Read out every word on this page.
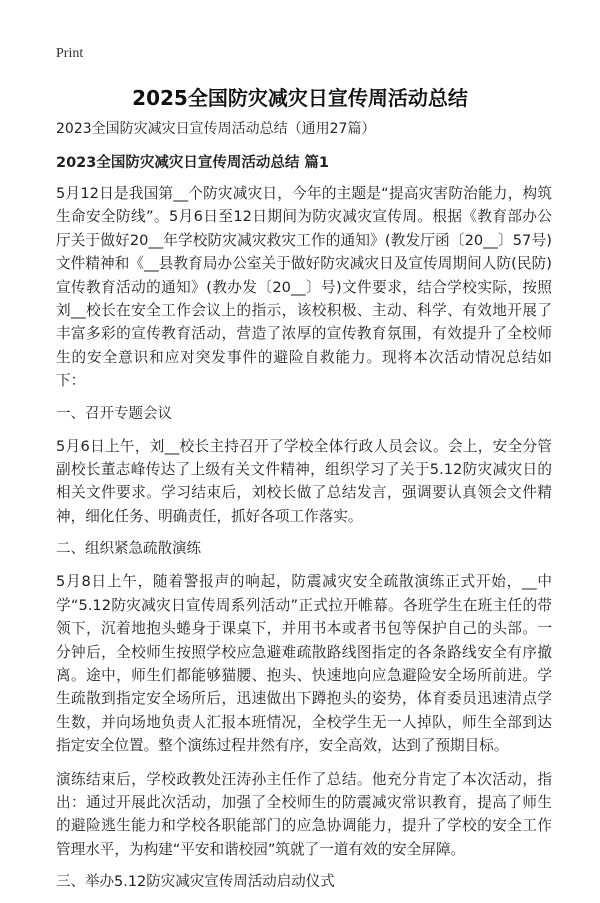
Print
2025全国防灾减灾日宣传周活动总结
2023全国防灾减灾日宣传周活动总结（通用27篇）
2023全国防灾减灾日宣传周活动总结 篇1

5月12日是我国第__个防灾减灾日，今年的主题是“提高灾害防治能力，构筑生命安全防线”。5月6日至12日期间为防灾减灾宣传周。根据《教育部办公厅关于做好20__年学校防灾减灾救灾工作的通知》(教发厅函〔20__〕57号)文件精神和《__县教育局办公室关于做好防灾减灾日及宣传周期间人防(民防)宣传教育活动的通知》(教办发〔20__〕号)文件要求，结合学校实际，按照刘__校长在安全工作会议上的指示，该校积极、主动、科学、有效地开展了丰富多彩的宣传教育活动，营造了浓厚的宣传教育氛围，有效提升了全校师生的安全意识和应对突发事件的避险自救能力。现将本次活动情况总结如下：

一、召开专题会议

5月6日上午，刘__校长主持召开了学校全体行政人员会议。会上，安全分管副校长董志峰传达了上级有关文件精神，组织学习了关于5.12防灾减灾日的相关文件要求。学习结束后，刘校长做了总结发言，强调要认真领会文件精神，细化任务、明确责任，抓好各项工作落实。

二、组织紧急疏散演练

5月8日上午，随着警报声的响起，防震减灾安全疏散演练正式开始，__中学“5.12防灾减灾日宣传周系列活动”正式拉开帷幕。各班学生在班主任的带领下，沉着地抱头蜷身于课桌下，并用书本或者书包等保护自己的头部。一分钟后，全校师生按照学校应急避难疏散路线图指定的各条路线安全有序撤离。途中，师生们都能够猫腰、抱头、快速地向应急避险安全场所前进。学生疏散到指定安全场所后，迅速做出下蹲抱头的姿势，体育委员迅速清点学生数，并向场地负责人汇报本班情况，全校学生无一人掉队，师生全部到达指定安全位置。整个演练过程井然有序，安全高效，达到了预期目标。

演练结束后，学校政教处汪涛孙主任作了总结。他充分肯定了本次活动，指出：通过开展此次活动，加强了全校师生的防震减灾常识教育，提高了师生的避险逃生能力和学校各职能部门的应急协调能力，提升了学校的安全工作管理水平，为构建“平安和谐校园”筑就了一道有效的安全屏障。

三、举办5.12防灾减灾宣传周活动启动仪式
